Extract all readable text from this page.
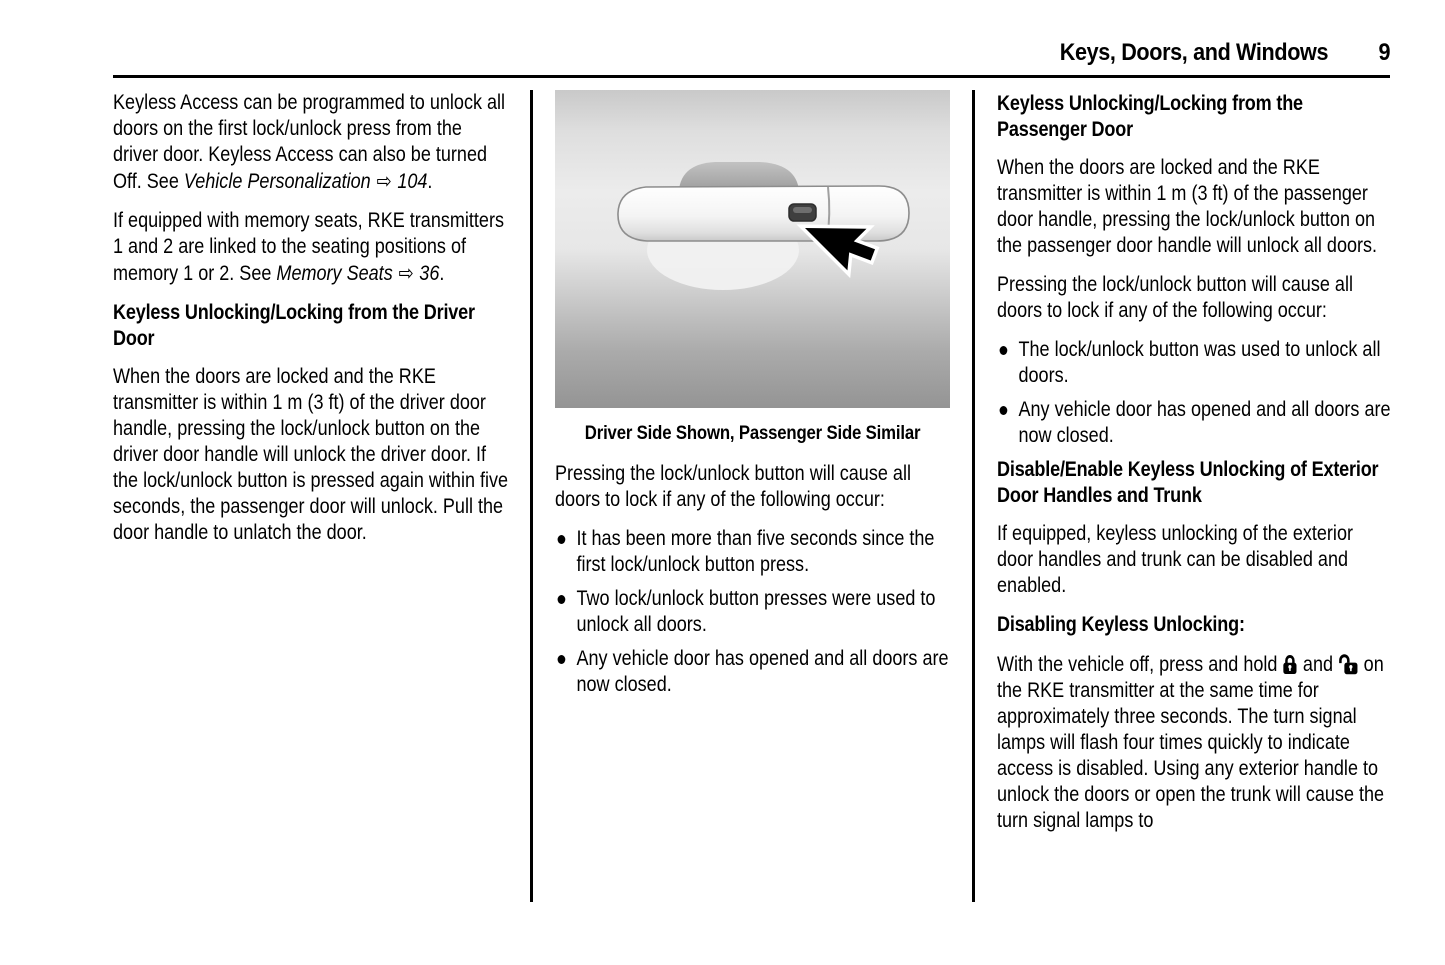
Keys, Doors, and Windows 9

Keyless Access can be programmed to unlock all doors on the first lock/unlock press from the driver door. Keyless Access can also be turned Off. See Vehicle Personalization ⇨ 104.

If equipped with memory seats, RKE transmitters 1 and 2 are linked to the seating positions of memory 1 or 2. See Memory Seats ⇨ 36.

Keyless Unlocking/Locking from the Driver Door

When the doors are locked and the RKE transmitter is within 1 m (3 ft) of the driver door handle, pressing the lock/unlock button on the driver door handle will unlock the driver door. If the lock/unlock button is pressed again within five seconds, the passenger door will unlock. Pull the door handle to unlatch the door.

Driver Side Shown, Passenger Side Similar

Pressing the lock/unlock button will cause all doors to lock if any of the following occur:

It has been more than five seconds since the first lock/unlock button press.
Two lock/unlock button presses were used to unlock all doors.
Any vehicle door has opened and all doors are now closed.
Keyless Unlocking/Locking from the Passenger Door

When the doors are locked and the RKE transmitter is within 1 m (3 ft) of the passenger door handle, pressing the lock/unlock button on the passenger door handle will unlock all doors.

Pressing the lock/unlock button will cause all doors to lock if any of the following occur:

The lock/unlock button was used to unlock all doors.
Any vehicle door has opened and all doors are now closed.
Disable/Enable Keyless Unlocking of Exterior Door Handles and Trunk

If equipped, keyless unlocking of the exterior door handles and trunk can be disabled and enabled.

Disabling Keyless Unlocking:

With the vehicle off, press and hold  and  on the RKE transmitter at the same time for approximately three seconds. The turn signal lamps will flash four times quickly to indicate access is disabled. Using any exterior handle to unlock the doors or open the trunk will cause the turn signal lamps to
